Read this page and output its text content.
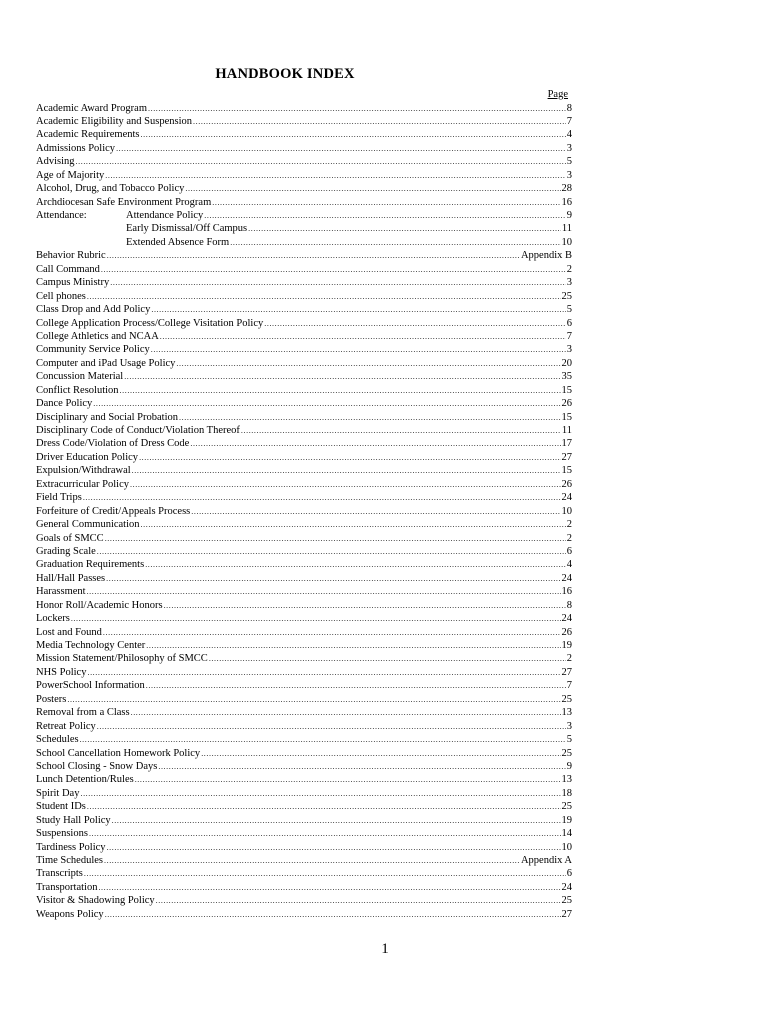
HANDBOOK INDEX
Page
Academic Award Program .....	8
Academic Eligibility and Suspension .....	7
Academic Requirements .....	4
Admissions Policy .....	3
Advising .....	5
Age of Majority .....	3
Alcohol, Drug, and Tobacco Policy .....	28
Archdiocesan Safe Environment Program .....	16
Attendance:	Attendance Policy .....	9
Early Dismissal/Off Campus .....	11
Extended Absence Form .....	10
Behavior Rubric .....	Appendix B
Call Command .....	2
Campus Ministry .....	3
Cell phones .....	25
Class Drop and Add Policy .....	5
College Application Process/College Visitation Policy .....	6
College Athletics and NCAA .....	7
Community Service Policy .....	3
Computer and iPad Usage Policy .....	20
Concussion Material .....	35
Conflict Resolution .....	15
Dance Policy .....	26
Disciplinary and Social Probation .....	15
Disciplinary Code of Conduct/Violation Thereof .....	11
Dress Code/Violation of Dress Code .....	17
Driver Education Policy .....	27
Expulsion/Withdrawal .....	15
Extracurricular Policy .....	26
Field Trips .....	24
Forfeiture of Credit/Appeals Process .....	10
General Communication .....	2
Goals of SMCC .....	2
Grading Scale .....	6
Graduation Requirements .....	4
Hall/Hall Passes .....	24
Harassment .....	16
Honor Roll/Academic Honors .....	8
Lockers .....	24
Lost and Found .....	26
Media Technology Center .....	19
Mission Statement/Philosophy of SMCC .....	2
NHS Policy .....	27
PowerSchool Information .....	7
Posters .....	25
Removal from a Class .....	13
Retreat Policy .....	3
Schedules .....	5
School Cancellation Homework Policy .....	25
School Closing - Snow Days .....	9
Lunch Detention/Rules .....	13
Spirit Day .....	18
Student IDs .....	25
Study Hall Policy .....	19
Suspensions .....	14
Tardiness Policy .....	10
Time Schedules .....	Appendix A
Transcripts .....	6
Transportation .....	24
Visitor & Shadowing Policy .....	25
Weapons Policy .....	27
1
